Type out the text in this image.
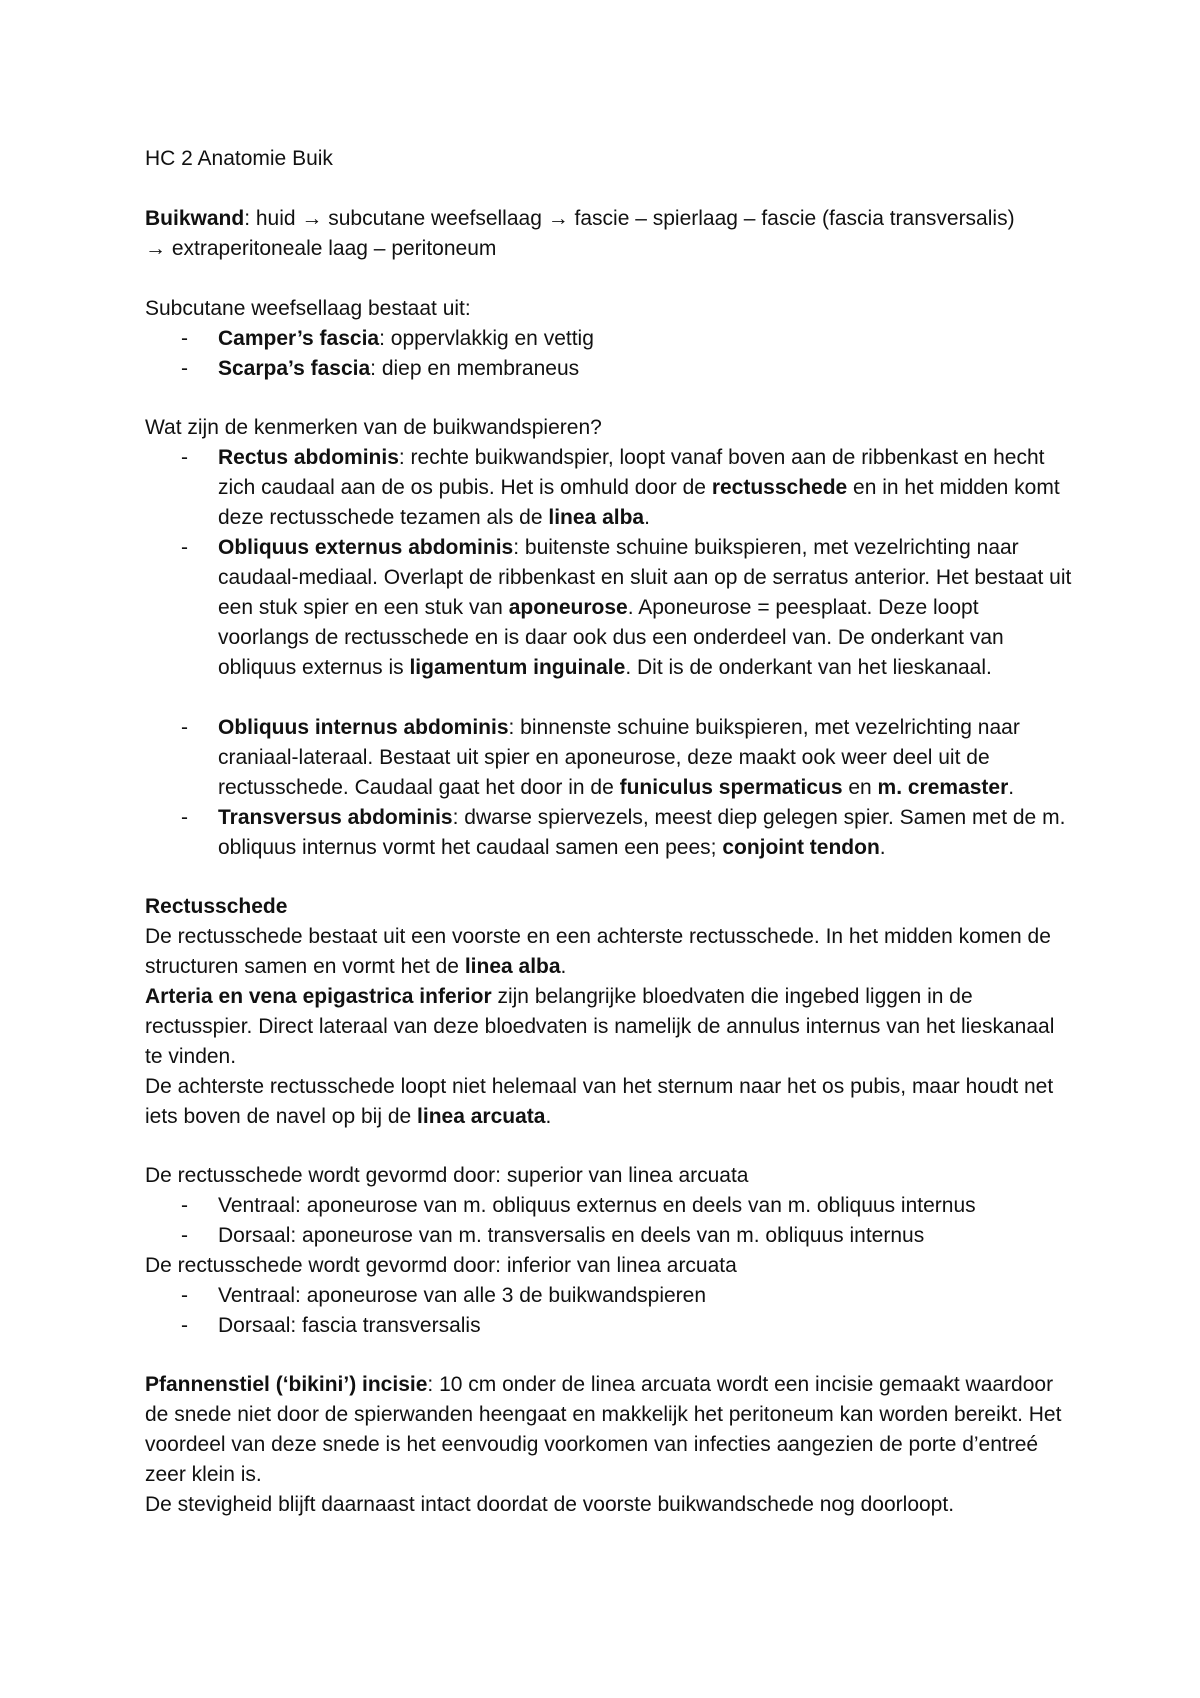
HC 2 Anatomie Buik

Buikwand: huid → subcutane weefsellaag → fascie – spierlaag – fascie (fascia transversalis)

→ extraperitoneale laag – peritoneum

Subcutane weefsellaag bestaat uit:

- Camper’s fascia: oppervlakkig en vettig
- Scarpa’s fascia: diep en membraneus

Wat zijn de kenmerken van de buikwandspieren?

- Rectus abdominis: rechte buikwandspier, loopt vanaf boven aan de ribbenkast en hecht zich caudaal aan de os pubis. Het is omhuld door de rectusschede en in het midden komt deze rectusschede tezamen als de linea alba.
- Obliquus externus abdominis: buitenste schuine buikspieren, met vezelrichting naar caudaal-mediaal. Overlapt de ribbenkast en sluit aan op de serratus anterior. Het bestaat uit een stuk spier en een stuk van aponeurose. Aponeurose = peesplaat. Deze loopt voorlangs de rectusschede en is daar ook dus een onderdeel van. De onderkant van obliquus externus is ligamentum inguinale. Dit is de onderkant van het lieskanaal.
- Obliquus internus abdominis: binnenste schuine buikspieren, met vezelrichting naar craniaal-lateraal. Bestaat uit spier en aponeurose, deze maakt ook weer deel uit de rectusschede. Caudaal gaat het door in de funiculus spermaticus en m. cremaster.
- Transversus abdominis: dwarse spiervezels, meest diep gelegen spier. Samen met de m. obliquus internus vormt het caudaal samen een pees; conjoint tendon.

Rectusschede

De rectusschede bestaat uit een voorste en een achterste rectusschede. In het midden komen de structuren samen en vormt het de linea alba.

Arteria en vena epigastrica inferior zijn belangrijke bloedvaten die ingebed liggen in de rectusspier. Direct lateraal van deze bloedvaten is namelijk de annulus internus van het lieskanaal te vinden.

De achterste rectusschede loopt niet helemaal van het sternum naar het os pubis, maar houdt net iets boven de navel op bij de linea arcuata.

De rectusschede wordt gevormd door: superior van linea arcuata

- Ventraal: aponeurose van m. obliquus externus en deels van m. obliquus internus
- Dorsaal: aponeurose van m. transversalis en deels van m. obliquus internus

De rectusschede wordt gevormd door: inferior van linea arcuata

- Ventraal: aponeurose van alle 3 de buikwandspieren
- Dorsaal: fascia transversalis

Pfannenstiel (‘bikini’) incisie: 10 cm onder de linea arcuata wordt een incisie gemaakt waardoor de snede niet door de spierwanden heengaat en makkelijk het peritoneum kan worden bereikt. Het voordeel van deze snede is het eenvoudig voorkomen van infecties aangezien de porte d’entreé zeer klein is.

De stevigheid blijft daarnaast intact doordat de voorste buikwandschede nog doorloopt.
